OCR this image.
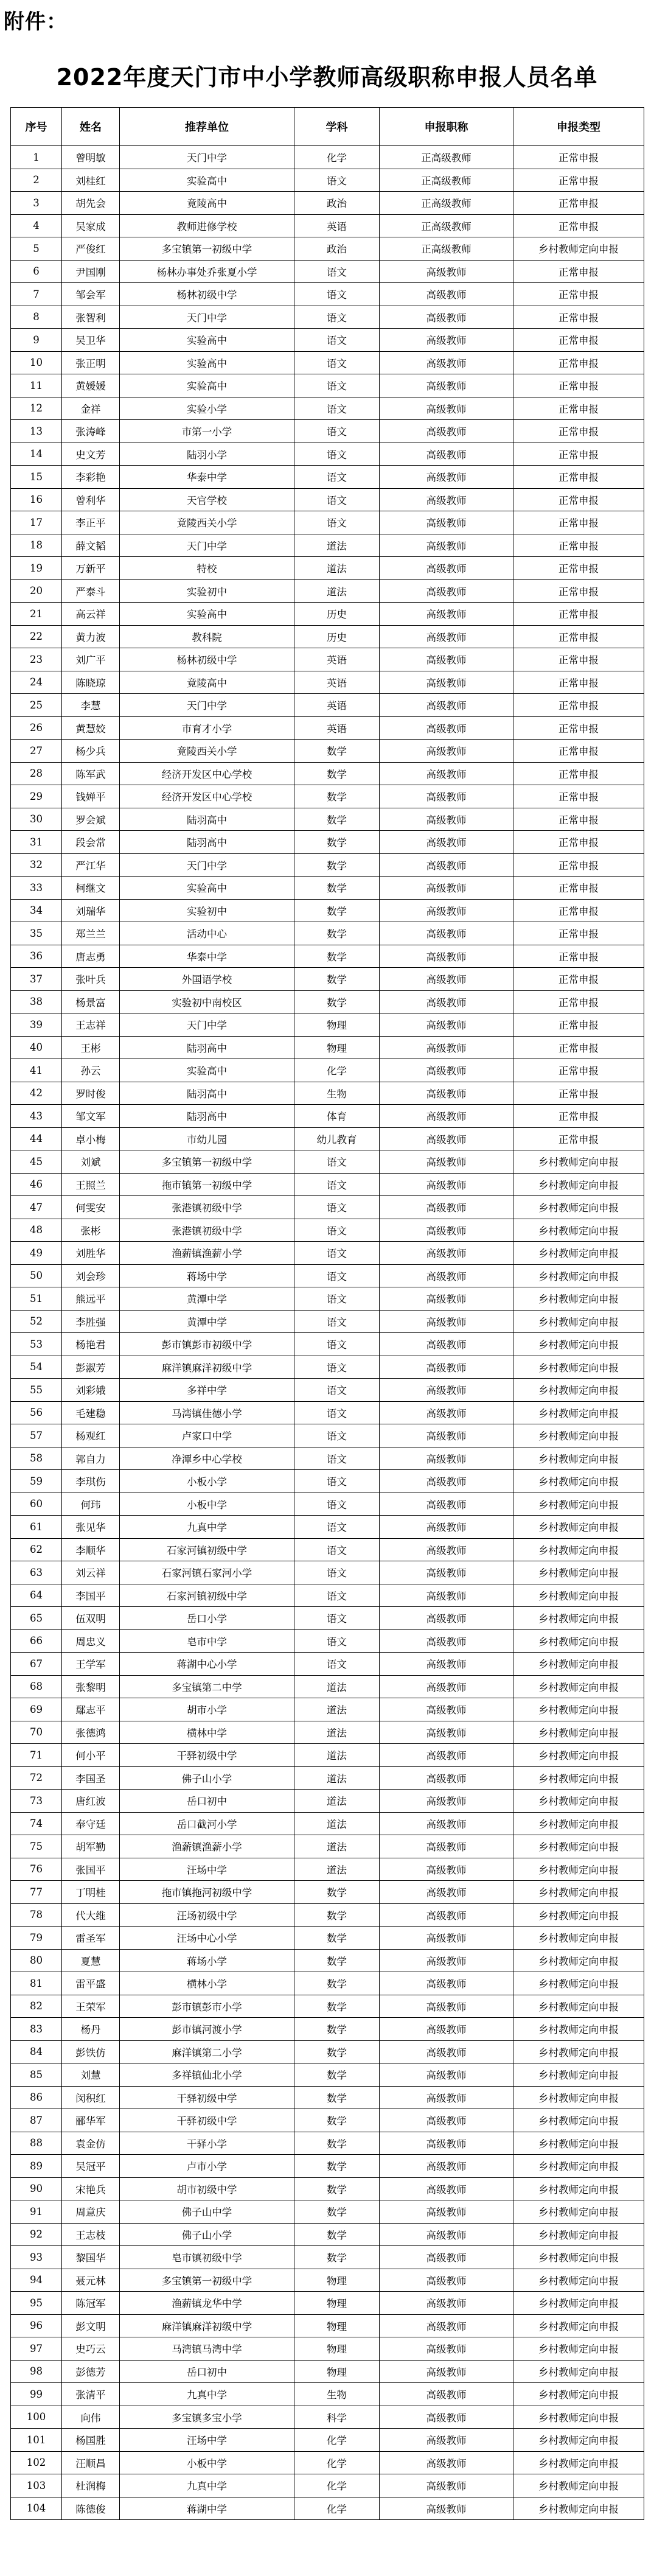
附件：
2022年度天门市中小学教师高级职称申报人员名单
序号	姓名	推荐单位	学科	申报职称	申报类型
1	曾明敏	天门中学	化学	正高级教师	正常申报
2	刘桂红	实验高中	语文	正高级教师	正常申报
3	胡先会	竟陵高中	政治	正高级教师	正常申报
4	吴家成	教师进修学校	英语	正高级教师	正常申报
5	严俊红	多宝镇第一初级中学	政治	正高级教师	乡村教师定向申报
6	尹国刚	杨林办事处乔张夏小学	语文	高级教师	正常申报
7	邹会军	杨林初级中学	语文	高级教师	正常申报
8	张智利	天门中学	语文	高级教师	正常申报
9	吴卫华	实验高中	语文	高级教师	正常申报
10	张正明	实验高中	语文	高级教师	正常申报
11	黄媛媛	实验高中	语文	高级教师	正常申报
12	金祥	实验小学	语文	高级教师	正常申报
13	张涛峰	市第一小学	语文	高级教师	正常申报
14	史文芳	陆羽小学	语文	高级教师	正常申报
15	李彩艳	华泰中学	语文	高级教师	正常申报
16	曾利华	天官学校	语文	高级教师	正常申报
17	李正平	竟陵西关小学	语文	高级教师	正常申报
18	薛文韬	天门中学	道法	高级教师	正常申报
19	万新平	特校	道法	高级教师	正常申报
20	严泰斗	实验初中	道法	高级教师	正常申报
21	高云祥	实验高中	历史	高级教师	正常申报
22	黄力波	教科院	历史	高级教师	正常申报
23	刘广平	杨林初级中学	英语	高级教师	正常申报
24	陈晓琼	竟陵高中	英语	高级教师	正常申报
25	李慧	天门中学	英语	高级教师	正常申报
26	黄慧姣	市育才小学	英语	高级教师	正常申报
27	杨少兵	竟陵西关小学	数学	高级教师	正常申报
28	陈军武	经济开发区中心学校	数学	高级教师	正常申报
29	钱婵平	经济开发区中心学校	数学	高级教师	正常申报
30	罗会斌	陆羽高中	数学	高级教师	正常申报
31	段会常	陆羽高中	数学	高级教师	正常申报
32	严江华	天门中学	数学	高级教师	正常申报
33	柯继文	实验高中	数学	高级教师	正常申报
34	刘瑞华	实验初中	数学	高级教师	正常申报
35	郑兰兰	活动中心	数学	高级教师	正常申报
36	唐志勇	华泰中学	数学	高级教师	正常申报
37	张叶兵	外国语学校	数学	高级教师	正常申报
38	杨景富	实验初中南校区	数学	高级教师	正常申报
39	王志祥	天门中学	物理	高级教师	正常申报
40	王彬	陆羽高中	物理	高级教师	正常申报
41	孙云	实验高中	化学	高级教师	正常申报
42	罗时俊	陆羽高中	生物	高级教师	正常申报
43	邹文军	陆羽高中	体育	高级教师	正常申报
44	卓小梅	市幼儿园	幼儿教育	高级教师	正常申报
45	刘斌	多宝镇第一初级中学	语文	高级教师	乡村教师定向申报
46	王照兰	拖市镇第一初级中学	语文	高级教师	乡村教师定向申报
47	何雯安	张港镇初级中学	语文	高级教师	乡村教师定向申报
48	张彬	张港镇初级中学	语文	高级教师	乡村教师定向申报
49	刘胜华	渔薪镇渔薪小学	语文	高级教师	乡村教师定向申报
50	刘会珍	蒋场中学	语文	高级教师	乡村教师定向申报
51	熊远平	黄潭中学	语文	高级教师	乡村教师定向申报
52	李胜强	黄潭中学	语文	高级教师	乡村教师定向申报
53	杨艳君	彭市镇彭市初级中学	语文	高级教师	乡村教师定向申报
54	彭淑芳	麻洋镇麻洋初级中学	语文	高级教师	乡村教师定向申报
55	刘彩娥	多祥中学	语文	高级教师	乡村教师定向申报
56	毛建稳	马湾镇佳德小学	语文	高级教师	乡村教师定向申报
57	杨观红	卢家口中学	语文	高级教师	乡村教师定向申报
58	郭自力	净潭乡中心学校	语文	高级教师	乡村教师定向申报
59	李琪伤	小板小学	语文	高级教师	乡村教师定向申报
60	何玮	小板中学	语文	高级教师	乡村教师定向申报
61	张见华	九真中学	语文	高级教师	乡村教师定向申报
62	李顺华	石家河镇初级中学	语文	高级教师	乡村教师定向申报
63	刘云祥	石家河镇石家河小学	语文	高级教师	乡村教师定向申报
64	李国平	石家河镇初级中学	语文	高级教师	乡村教师定向申报
65	伍双明	岳口小学	语文	高级教师	乡村教师定向申报
66	周忠义	皂市中学	语文	高级教师	乡村教师定向申报
67	王学军	蒋湖中心小学	语文	高级教师	乡村教师定向申报
68	张黎明	多宝镇第二中学	道法	高级教师	乡村教师定向申报
69	鄢志平	胡市小学	道法	高级教师	乡村教师定向申报
70	张德鸿	横林中学	道法	高级教师	乡村教师定向申报
71	何小平	干驿初级中学	道法	高级教师	乡村教师定向申报
72	李国圣	佛子山小学	道法	高级教师	乡村教师定向申报
73	唐红波	岳口初中	道法	高级教师	乡村教师定向申报
74	奉守廷	岳口截河小学	道法	高级教师	乡村教师定向申报
75	胡军勤	渔薪镇渔薪小学	道法	高级教师	乡村教师定向申报
76	张国平	汪场中学	道法	高级教师	乡村教师定向申报
77	丁明桂	拖市镇拖河初级中学	数学	高级教师	乡村教师定向申报
78	代大维	汪场初级中学	数学	高级教师	乡村教师定向申报
79	雷圣军	汪场中心小学	数学	高级教师	乡村教师定向申报
80	夏慧	蒋场小学	数学	高级教师	乡村教师定向申报
81	雷平盛	横林小学	数学	高级教师	乡村教师定向申报
82	王荣军	彭市镇彭市小学	数学	高级教师	乡村教师定向申报
83	杨丹	彭市镇河渡小学	数学	高级教师	乡村教师定向申报
84	彭铁仿	麻洋镇第二小学	数学	高级教师	乡村教师定向申报
85	刘慧	多祥镇仙北小学	数学	高级教师	乡村教师定向申报
86	闵积红	干驿初级中学	数学	高级教师	乡村教师定向申报
87	郦华军	干驿初级中学	数学	高级教师	乡村教师定向申报
88	袁金仿	干驿小学	数学	高级教师	乡村教师定向申报
89	吴冠平	卢市小学	数学	高级教师	乡村教师定向申报
90	宋艳兵	胡市初级中学	数学	高级教师	乡村教师定向申报
91	周意庆	佛子山中学	数学	高级教师	乡村教师定向申报
92	王志枝	佛子山小学	数学	高级教师	乡村教师定向申报
93	黎国华	皂市镇初级中学	数学	高级教师	乡村教师定向申报
94	聂元林	多宝镇第一初级中学	物理	高级教师	乡村教师定向申报
95	陈冠军	渔薪镇龙华中学	物理	高级教师	乡村教师定向申报
96	彭文明	麻洋镇麻洋初级中学	物理	高级教师	乡村教师定向申报
97	史巧云	马湾镇马湾中学	物理	高级教师	乡村教师定向申报
98	彭德芳	岳口初中	物理	高级教师	乡村教师定向申报
99	张清平	九真中学	生物	高级教师	乡村教师定向申报
100	向伟	多宝镇多宝小学	科学	高级教师	乡村教师定向申报
101	杨国胜	汪场中学	化学	高级教师	乡村教师定向申报
102	汪顺昌	小板中学	化学	高级教师	乡村教师定向申报
103	杜润梅	九真中学	化学	高级教师	乡村教师定向申报
104	陈德俊	蒋湖中学	化学	高级教师	乡村教师定向申报
